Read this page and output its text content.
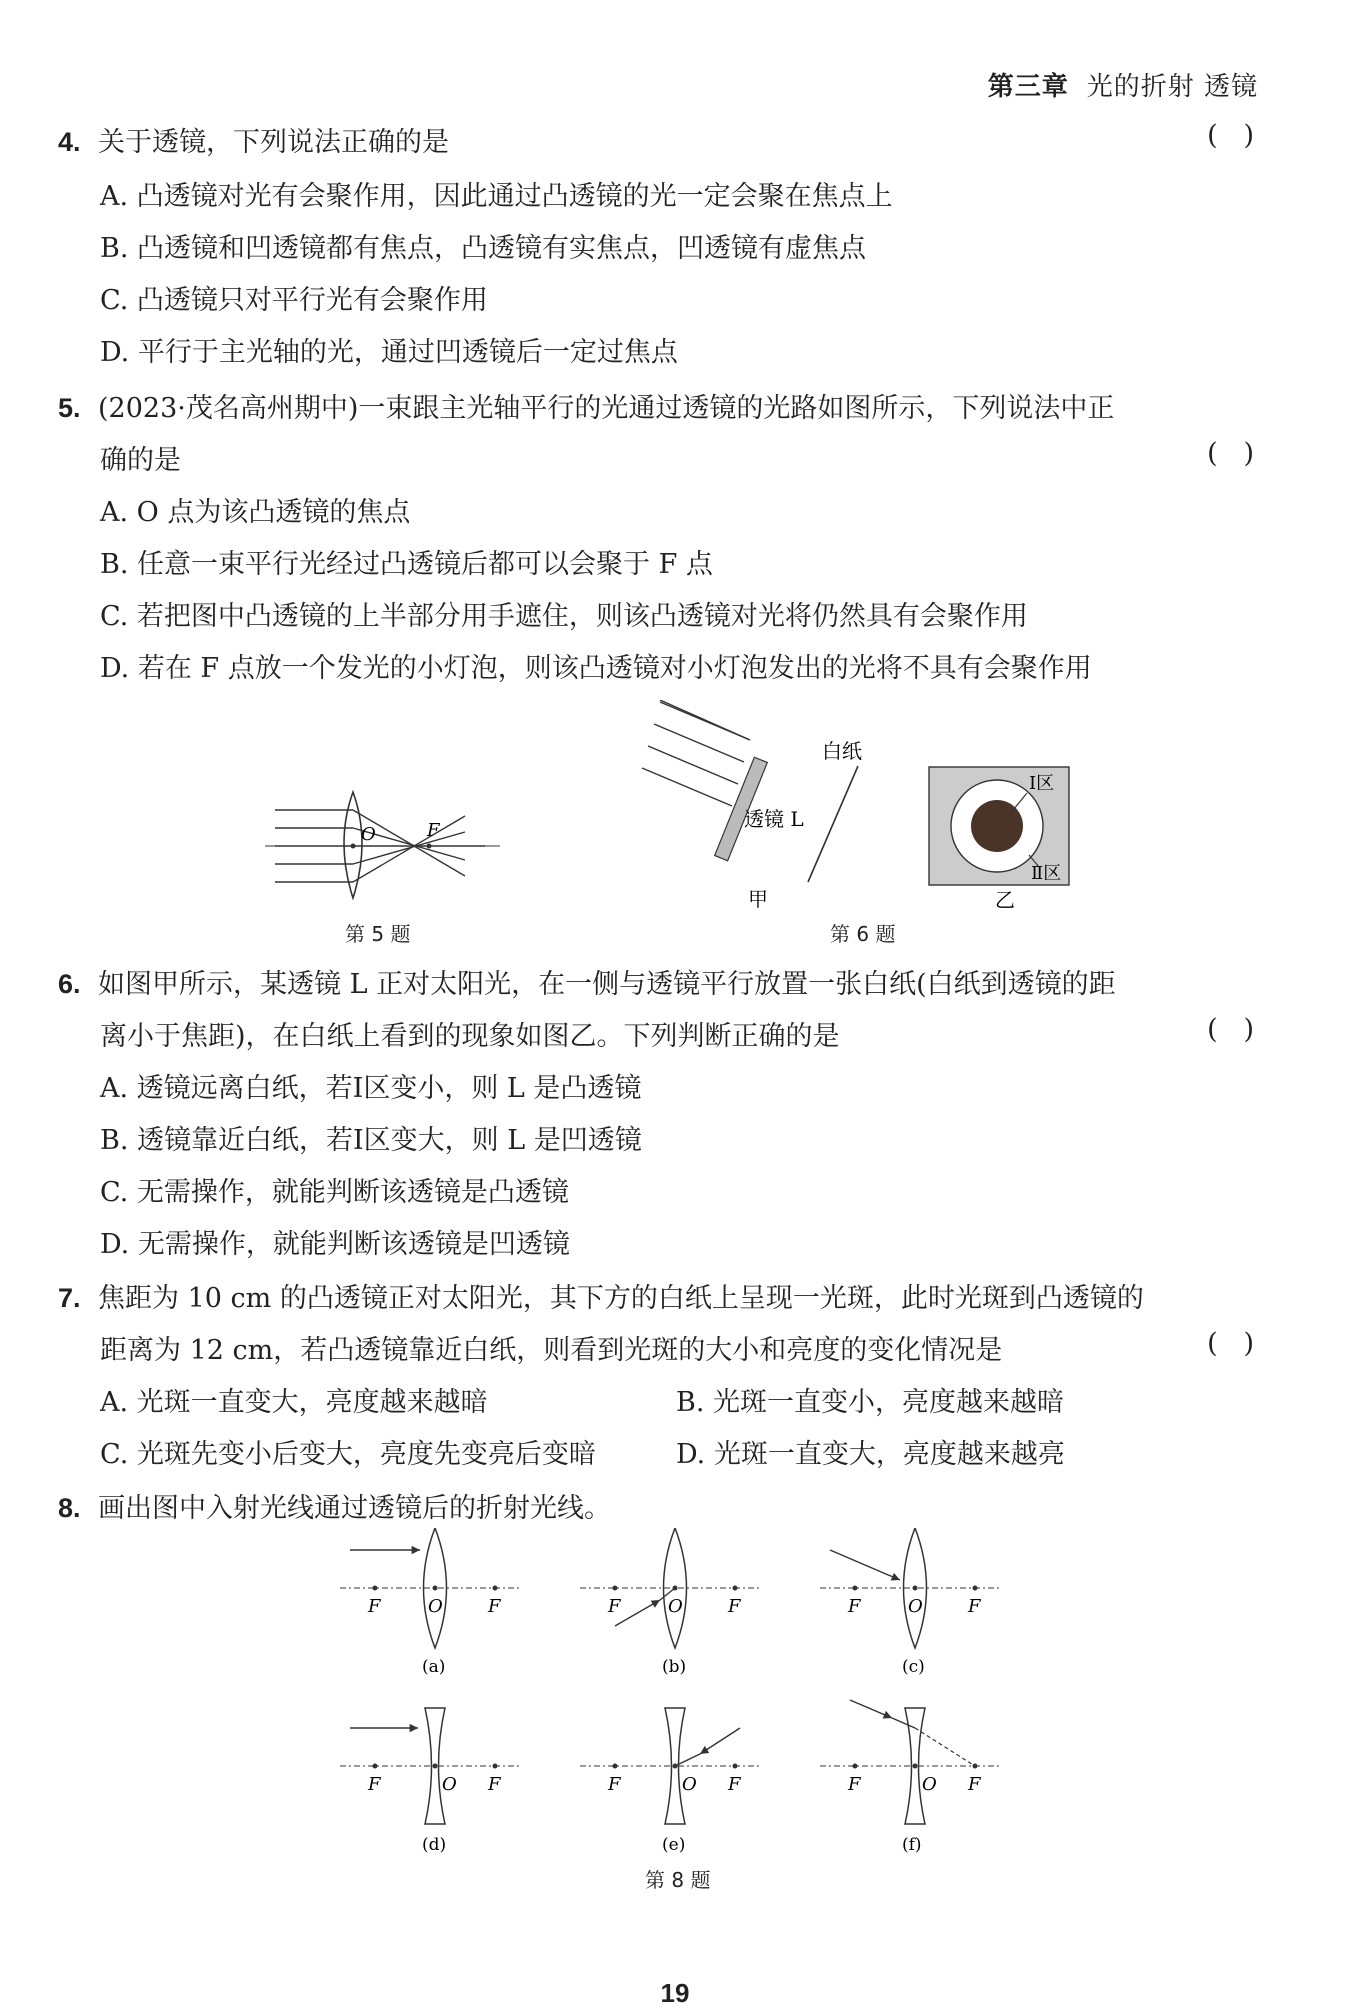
第三章 光的折射 透镜
4. 关于透镜，下列说法正确的是	(   )
A. 凸透镜对光有会聚作用，因此通过凸透镜的光一定会聚在焦点上
B. 凸透镜和凹透镜都有焦点，凸透镜有实焦点，凹透镜有虚焦点
C. 凸透镜只对平行光有会聚作用
D. 平行于主光轴的光，通过凹透镜后一定过焦点
5. (2023·茂名高州期中)一束跟主光轴平行的光通过透镜的光路如图所示，下列说法中正
确的是	(   )
A. O 点为该凸透镜的焦点
B. 任意一束平行光经过凸透镜后都可以会聚于 F 点
C. 若把图中凸透镜的上半部分用手遮住，则该凸透镜对光将仍然具有会聚作用
D. 若在 F 点放一个发光的小灯泡，则该凸透镜对小灯泡发出的光将不具有会聚作用
O	F
第 5 题
白纸
透镜 L
甲
Ⅰ区
Ⅱ区
乙
第 6 题
6. 如图甲所示，某透镜 L 正对太阳光，在一侧与透镜平行放置一张白纸(白纸到透镜的距
离小于焦距)，在白纸上看到的现象如图乙。下列判断正确的是	(   )
A. 透镜远离白纸，若Ⅰ区变小，则 L 是凸透镜
B. 透镜靠近白纸，若Ⅰ区变大，则 L 是凹透镜
C. 无需操作，就能判断该透镜是凸透镜
D. 无需操作，就能判断该透镜是凹透镜
7. 焦距为 10 cm 的凸透镜正对太阳光，其下方的白纸上呈现一光斑，此时光斑到凸透镜的
距离为 12 cm，若凸透镜靠近白纸，则看到光斑的大小和亮度的变化情况是	(   )
A. 光斑一直变大，亮度越来越暗	B. 光斑一直变小，亮度越来越暗
C. 光斑先变小后变大，亮度先变亮后变暗	D. 光斑一直变大，亮度越来越亮
8. 画出图中入射光线通过透镜后的折射光线。
F	O	F	F	O	F	F	O	F
F	O F	F	O F	F	O F
(a)	(b)	(c)
(d)	(e)	(f)
第 8 题
19
